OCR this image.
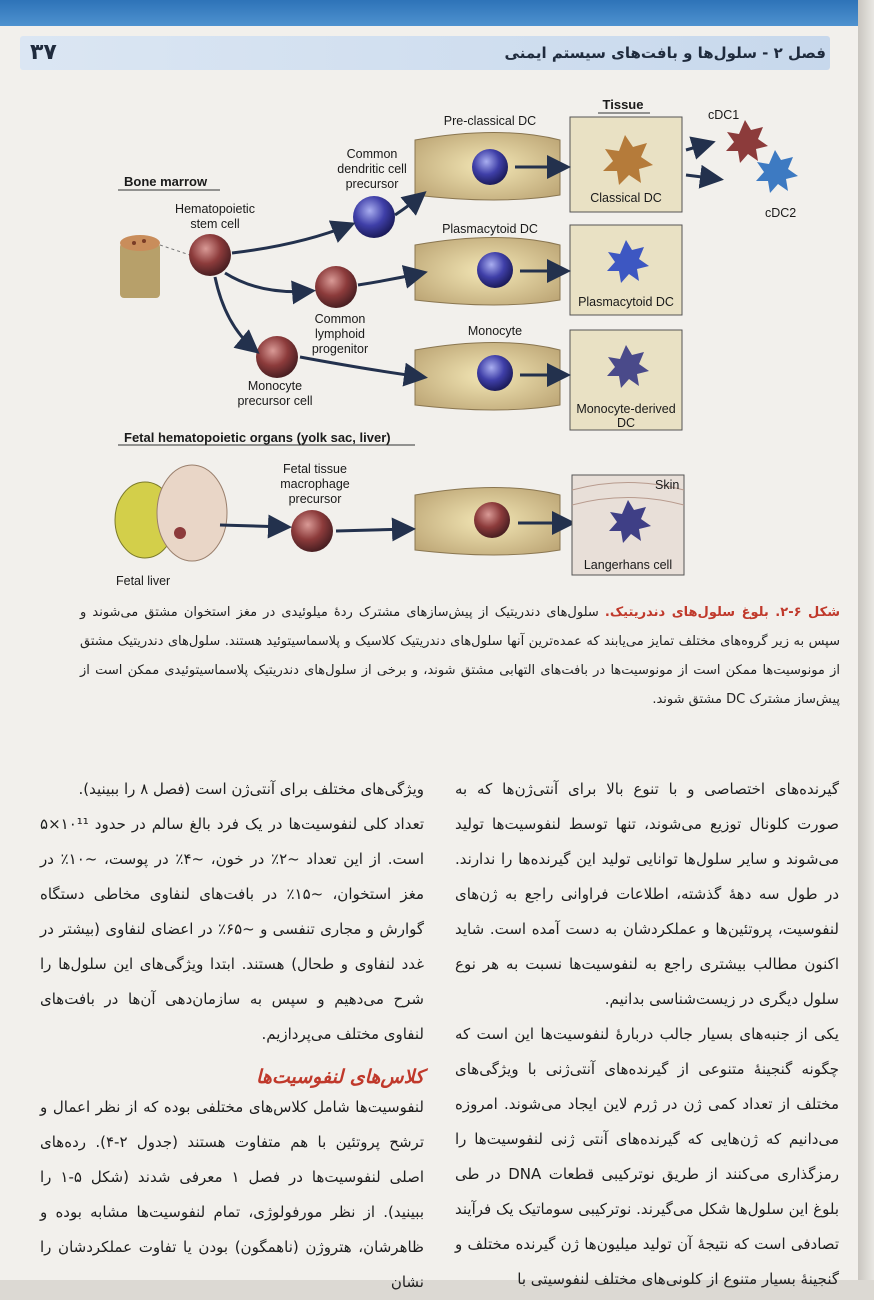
۳۷	فصل ۲ - سلول‌ها و بافت‌های سیستم ایمنی
Bone marrow
Hematopoietic
stem cell
Common
dendritic cell
precursor
Common
lymphoid
progenitor
Monocyte
precursor cell
Pre-classical DC
Plasmacytoid DC
Monocyte
Tissue
Classical DC
Plasmacytoid DC
Monocyte-derived
DC
cDC1
cDC2
Fetal hematopoietic organs (yolk sac, liver)
Fetal liver
Fetal tissue
macrophage
precursor
Skin
Langerhans cell
شکل ۶-۲. بلوغ سلول‌های دندریتیک. سلول‌های دندریتیک از پیش‌سازهای مشترک ردهٔ میلوئیدی در مغز استخوان مشتق می‌شوند و سپس به زیر گروه‌های مختلف تمایز می‌یابند که عمده‌ترین آنها سلول‌های دندریتیک کلاسیک و پلاسماسیتوئید هستند. سلول‌های دندریتیک مشتق از مونوسیت‌ها ممکن است از مونوسیت‌ها در بافت‌های التهابی مشتق شوند، و برخی از سلول‌های دندریتیک پلاسماسیتوئیدی ممکن است از پیش‌ساز مشترک DC مشتق شوند.

گیرنده‌های اختصاصی و با تنوع بالا برای آنتی‌ژن‌ها که به صورت کلونال توزیع می‌شوند، تنها توسط لنفوسیت‌ها تولید می‌شوند و سایر سلول‌ها توانایی تولید این گیرنده‌ها را ندارند. در طول سه دههٔ گذشته، اطلاعات فراوانی راجع به ژن‌های لنفوسیت، پروتئین‌ها و عملکردشان به دست آمده است. شاید اکنون مطالب بیشتری راجع به لنفوسیت‌ها نسبت به هر نوع سلول دیگری در زیست‌شناسی بدانیم.

یکی از جنبه‌های بسیار جالب دربارهٔ لنفوسیت‌ها این است که چگونه گنجینهٔ متنوعی از گیرنده‌های آنتی‌ژنی با ویژگی‌های مختلف از تعداد کمی ژن در ژرم لاین ایجاد می‌شوند. امروزه می‌دانیم که ژن‌هایی که گیرنده‌های آنتی ژنی لنفوسیت‌ها را رمزگذاری می‌کنند از طریق نوترکیبی قطعات DNA در طی بلوغ این سلول‌ها شکل می‌گیرند. نوترکیبی سوماتیک یک فرآیند تصادفی است که نتیجهٔ آن تولید میلیون‌ها ژن گیرنده مختلف و گنجینهٔ بسیار متنوع از کلونی‌های مختلف لنفوسیتی با

ویژگی‌های مختلف برای آنتی‌ژن است (فصل ۸ را ببینید).

تعداد کلی لنفوسیت‌ها در یک فرد بالغ سالم در حدود ۱۰¹¹×۵ است. از این تعداد ~۲٪ در خون، ~۴٪ در پوست، ~۱۰٪ در مغز استخوان، ~۱۵٪ در بافت‌های لنفاوی مخاطی دستگاه گوارش و مجاری تنفسی و ~۶۵٪ در اعضای لنفاوی (بیشتر در غدد لنفاوی و طحال) هستند. ابتدا ویژگی‌های این سلول‌ها را شرح می‌دهیم و سپس به سازمان‌دهی آن‌ها در بافت‌های لنفاوی مختلف می‌پردازیم.

کلاس‌های لنفوسیت‌ها

لنفوسیت‌ها شامل کلاس‌های مختلفی بوده که از نظر اعمال و ترشح پروتئین با هم متفاوت هستند (جدول ۲-۴). رده‌های اصلی لنفوسیت‌ها در فصل ۱ معرفی شدند (شکل ۵-۱ را ببینید). از نظر مورفولوژی، تمام لنفوسیت‌ها مشابه بوده و ظاهرشان، هتروژن (ناهمگون) بودن یا تفاوت عملکردشان را نشان
